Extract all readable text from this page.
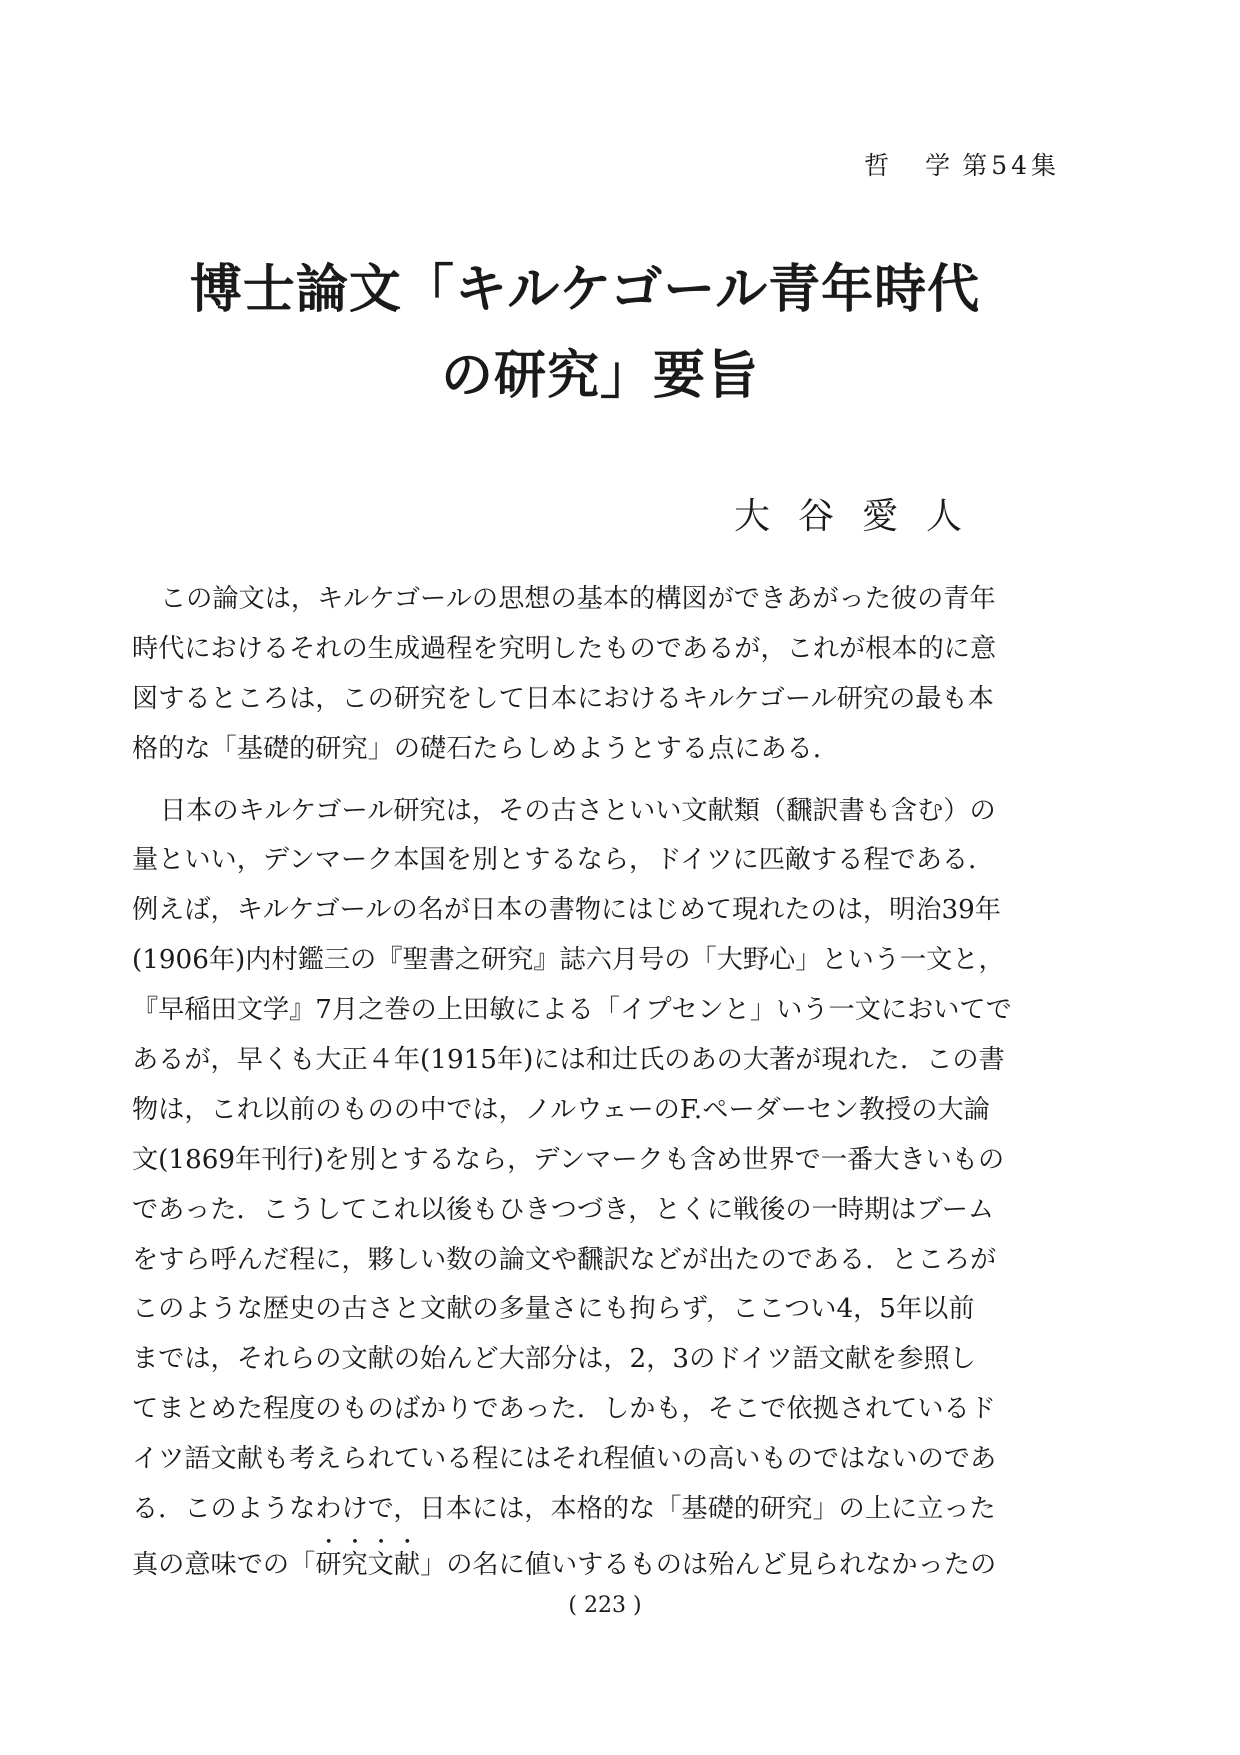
哲 学 第54集
博士論文「キルケゴール青年時代
の研究」要旨
大谷愛人
この論文は，キルケゴールの思想の基本的構図ができあがった彼の青年
時代におけるそれの生成過程を究明したものであるが，これが根本的に意
図するところは，この研究をして日本におけるキルケゴール研究の最も本
格的な「基礎的研究」の礎石たらしめようとする点にある．
日本のキルケゴール研究は，その古さといい文献類（飜訳書も含む）の
量といい，デンマーク本国を別とするなら，ドイツに匹敵する程である．
例えば，キルケゴールの名が日本の書物にはじめて現れたのは，明治39年
(1906年)内村鑑三の『聖書之研究』誌六月号の「大野心」という一文と，
『早稲田文学』7月之巻の上田敏による「イプセンと」いう一文においてで
あるが，早くも大正４年(1915年)には和辻氏のあの大著が現れた．この書
物は，これ以前のものの中では，ノルウェーのF.ペーダーセン教授の大論
文(1869年刊行)を別とするなら，デンマークも含め世界で一番大きいもの
であった．こうしてこれ以後もひきつづき，とくに戦後の一時期はブーム
をすら呼んだ程に，夥しい数の論文や飜訳などが出たのである．ところが
このような歴史の古さと文献の多量さにも拘らず，ここつい4，5年以前
までは，それらの文献の始んど大部分は，2，3のドイツ語文献を参照し
てまとめた程度のものばかりであった．しかも，そこで依拠されているド
イツ語文献も考えられている程にはそれ程値いの高いものではないのであ
る．このようなわけで，日本には，本格的な「基礎的研究」の上に立った
真の意味での「研究文献」の名に値いするものは殆んど見られなかったの
( 223 )
